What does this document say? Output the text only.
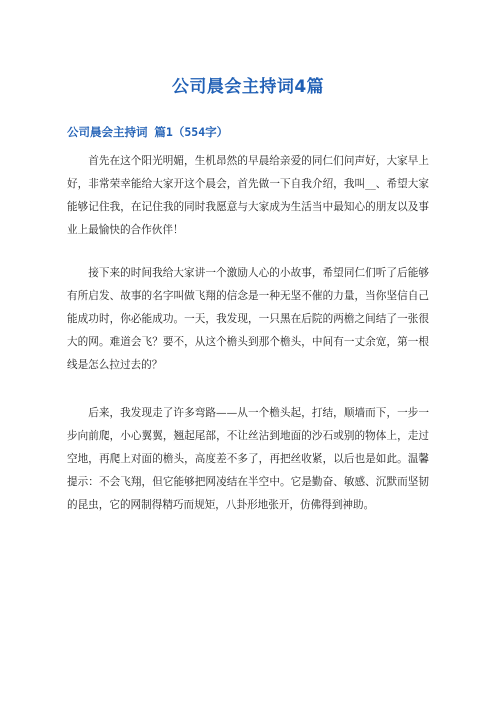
公司晨会主持词4篇
公司晨会主持词 篇1（554字）

首先在这个阳光明媚，生机昂然的早晨给亲爱的同仁们问声好，大家早上好，非常荣幸能给大家开这个晨会，首先做一下自我介绍，我叫__、希望大家能够记住我，在记住我的同时我愿意与大家成为生活当中最知心的朋友以及事业上最愉快的合作伙伴！

接下来的时间我给大家讲一个激励人心的小故事，希望同仁们听了后能够有所启发、故事的名字叫做飞翔的信念是一种无坚不催的力量，当你坚信自己能成功时，你必能成功。一天，我发现，一只黑在后院的两檐之间结了一张很大的网。难道会飞？要不，从这个檐头到那个檐头，中间有一丈余宽，第一根线是怎么拉过去的？

后来，我发现走了许多弯路——从一个檐头起，打结，顺墙而下，一步一步向前爬，小心翼翼，翘起尾部，不让丝沾到地面的沙石或别的物体上，走过空地，再爬上对面的檐头，高度差不多了，再把丝收紧，以后也是如此。温馨提示：不会飞翔，但它能够把网凌结在半空中。它是勤奋、敏感、沉默而坚韧的昆虫，它的网制得精巧而规矩，八卦形地张开，仿佛得到神助。
